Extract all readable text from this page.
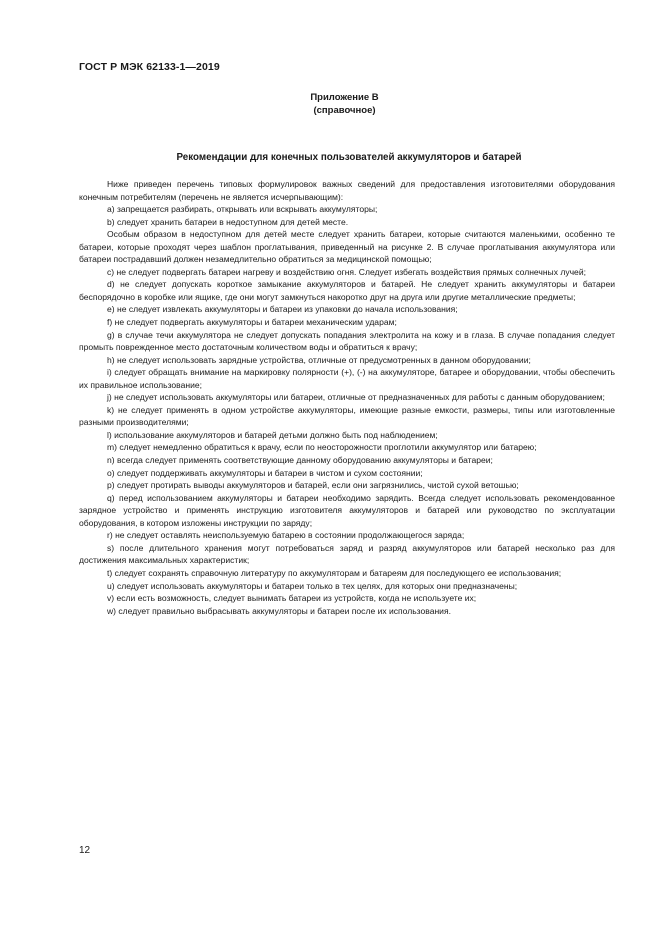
ГОСТ Р МЭК 62133-1—2019
Приложение В
(справочное)
Рекомендации для конечных пользователей аккумуляторов и батарей

Ниже приведен перечень типовых формулировок важных сведений для предоставления изготовителями оборудования конечным потребителям (перечень не является исчерпывающим):

a) запрещается разбирать, открывать или вскрывать аккумуляторы;

b) следует хранить батареи в недоступном для детей месте.

Особым образом в недоступном для детей месте следует хранить батареи, которые считаются маленькими, особенно те батареи, которые проходят через шаблон проглатывания, приведенный на рисунке 2. В случае проглатывания аккумулятора или батареи пострадавший должен незамедлительно обратиться за медицинской помощью;

c) не следует подвергать батареи нагреву и воздействию огня. Следует избегать воздействия прямых солнечных лучей;

d) не следует допускать короткое замыкание аккумуляторов и батарей. Не следует хранить аккумуляторы и батареи беспорядочно в коробке или ящике, где они могут замкнуться накоротко друг на друга или другие металлические предметы;

e) не следует извлекать аккумуляторы и батареи из упаковки до начала использования;

f) не следует подвергать аккумуляторы и батареи механическим ударам;

g) в случае течи аккумулятора не следует допускать попадания электролита на кожу и в глаза. В случае попадания следует промыть поврежденное место достаточным количеством воды и обратиться к врачу;

h) не следует использовать зарядные устройства, отличные от предусмотренных в данном оборудовании;

i) следует обращать внимание на маркировку полярности (+), (-) на аккумуляторе, батарее и оборудовании, чтобы обеспечить их правильное использование;

j) не следует использовать аккумуляторы или батареи, отличные от предназначенных для работы с данным оборудованием;

k) не следует применять в одном устройстве аккумуляторы, имеющие разные емкости, размеры, типы или изготовленные разными производителями;

l) использование аккумуляторов и батарей детьми должно быть под наблюдением;

m) следует немедленно обратиться к врачу, если по неосторожности проглотили аккумулятор или батарею;

n) всегда следует применять соответствующие данному оборудованию аккумуляторы и батареи;

o) следует поддерживать аккумуляторы и батареи в чистом и сухом состоянии;

p) следует протирать выводы аккумуляторов и батарей, если они загрязнились, чистой сухой ветошью;

q) перед использованием аккумуляторы и батареи необходимо зарядить. Всегда следует использовать рекомендованное зарядное устройство и применять инструкцию изготовителя аккумуляторов и батарей или руководство по эксплуатации оборудования, в котором изложены инструкции по заряду;

r) не следует оставлять неиспользуемую батарею в состоянии продолжающегося заряда;

s) после длительного хранения могут потребоваться заряд и разряд аккумуляторов или батарей несколько раз для достижения максимальных характеристик;

t) следует сохранять справочную литературу по аккумуляторам и батареям для последующего ее использования;

u) следует использовать аккумуляторы и батареи только в тех целях, для которых они предназначены;

v) если есть возможность, следует вынимать батареи из устройств, когда не используете их;

w) следует правильно выбрасывать аккумуляторы и батареи после их использования.

12
